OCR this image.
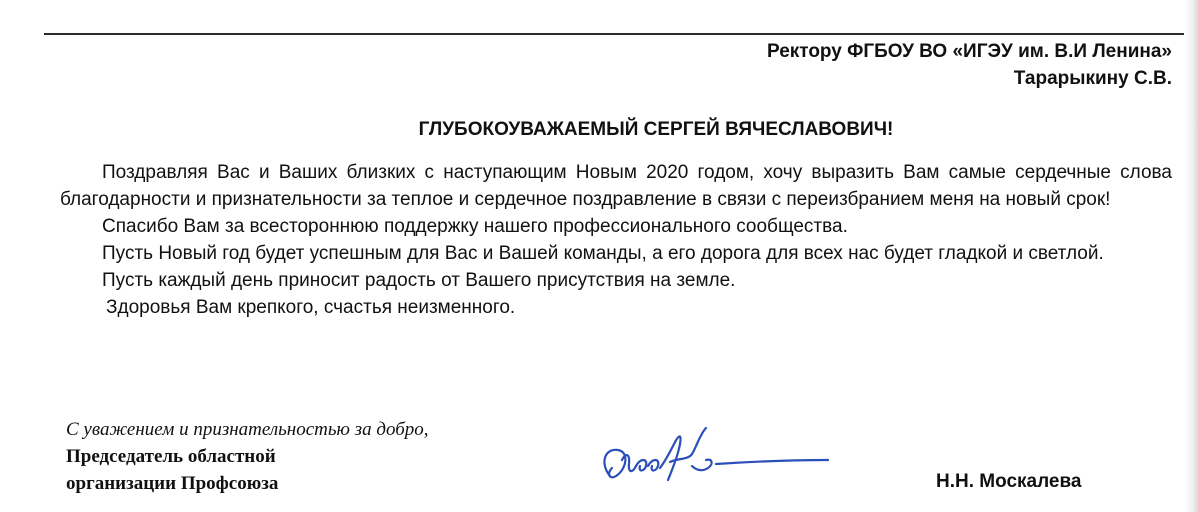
Ректору ФГБОУ ВО «ИГЭУ им. В.И Ленина»
Тарарыкину С.В.
ГЛУБОКОУВАЖАЕМЫЙ СЕРГЕЙ ВЯЧЕСЛАВОВИЧ!

Поздравляя Вас и Ваших близких с наступающим Новым 2020 годом, хочу выразить Вам самые сердечные слова благодарности и признательности за теплое и сердечное поздравление в связи с переизбранием меня на новый срок!

Спасибо Вам за всестороннюю поддержку нашего профессионального сообщества.

Пусть Новый год будет успешным для Вас и Вашей команды, а его дорога для всех нас будет гладкой и светлой.

Пусть каждый день приносит радость от Вашего присутствия на земле.

Здоровья Вам крепкого, счастья неизменного.

С уважением и признательностью за добро,
Председатель областной
организации Профсоюза	Н.Н. Москалева
